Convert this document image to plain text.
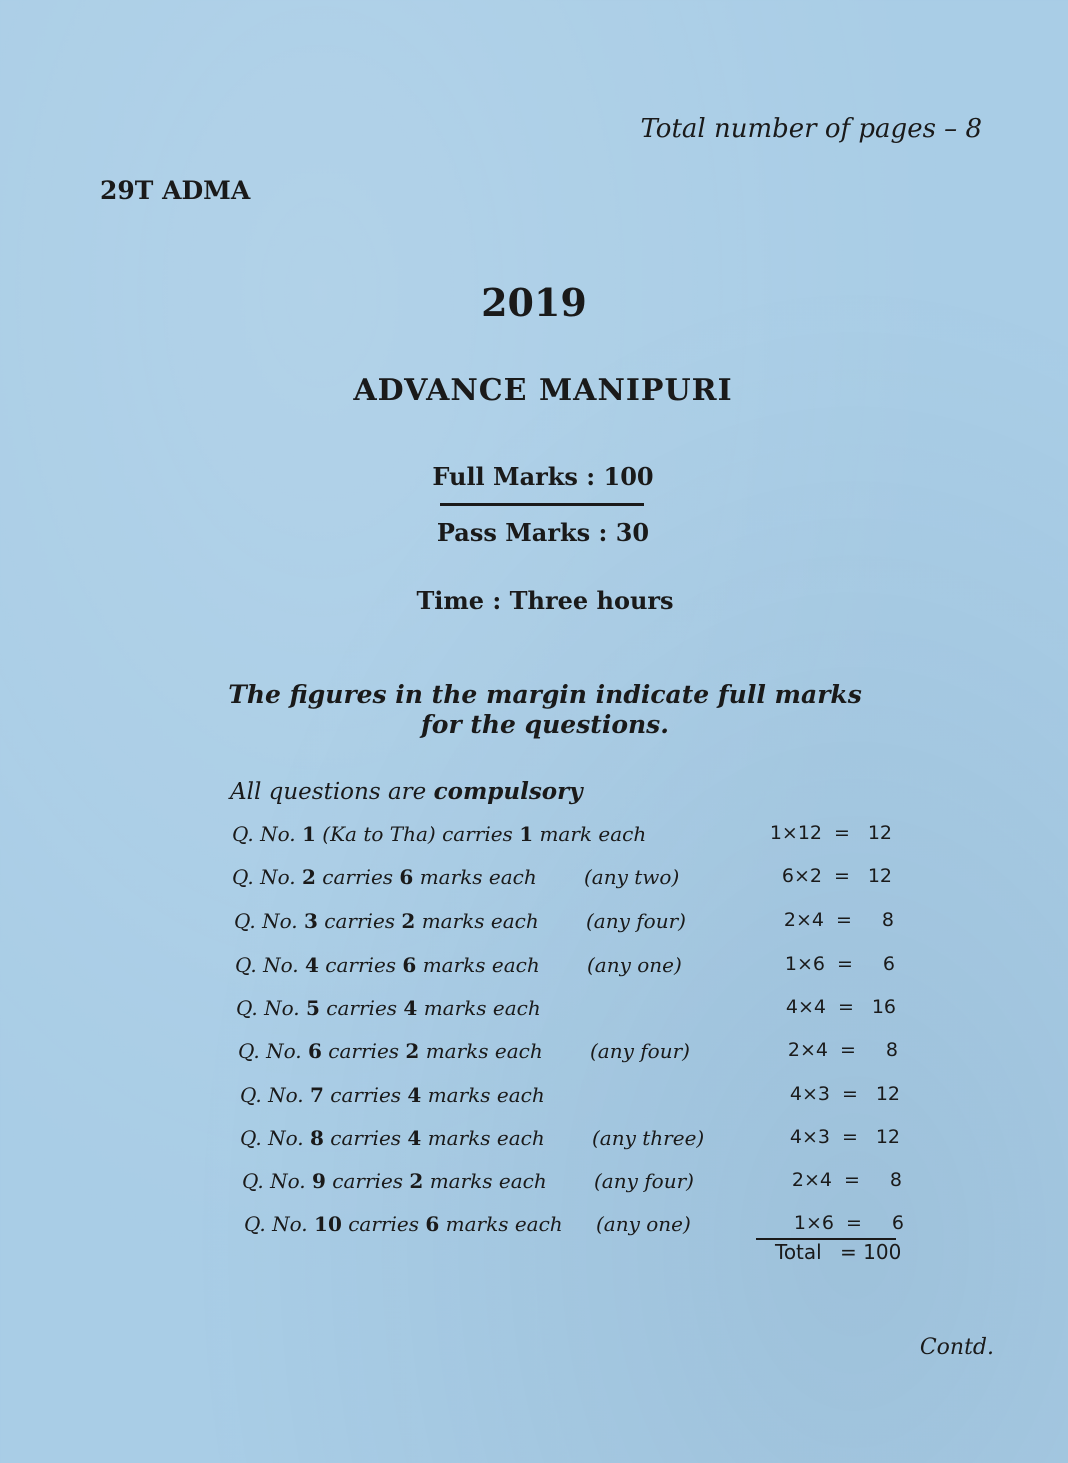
Total number of pages – 8
29T ADMA
2019
ADVANCE MANIPURI
Full Marks : 100
Pass Marks : 30
Time : Three hours
The figures in the margin indicate full marks
for the questions.
All questions are compulsory
Q. No. 1 (Ka to Tha) carries 1 mark each	1×12 = 12
Q. No. 2 carries 6 marks each (any two)	6×2 = 12
Q. No. 3 carries 2 marks each (any four)	2×4 = 8
Q. No. 4 carries 6 marks each (any one)	1×6 = 6
Q. No. 5 carries 4 marks each	4×4 = 16
Q. No. 6 carries 2 marks each (any four)	2×4 = 8
Q. No. 7 carries 4 marks each	4×3 = 12
Q. No. 8 carries 4 marks each (any three)	4×3 = 12
Q. No. 9 carries 2 marks each (any four)	2×4 = 8
Q. No. 10 carries 6 marks each (any one)	1×6 = 6
Total = 100
Contd.
